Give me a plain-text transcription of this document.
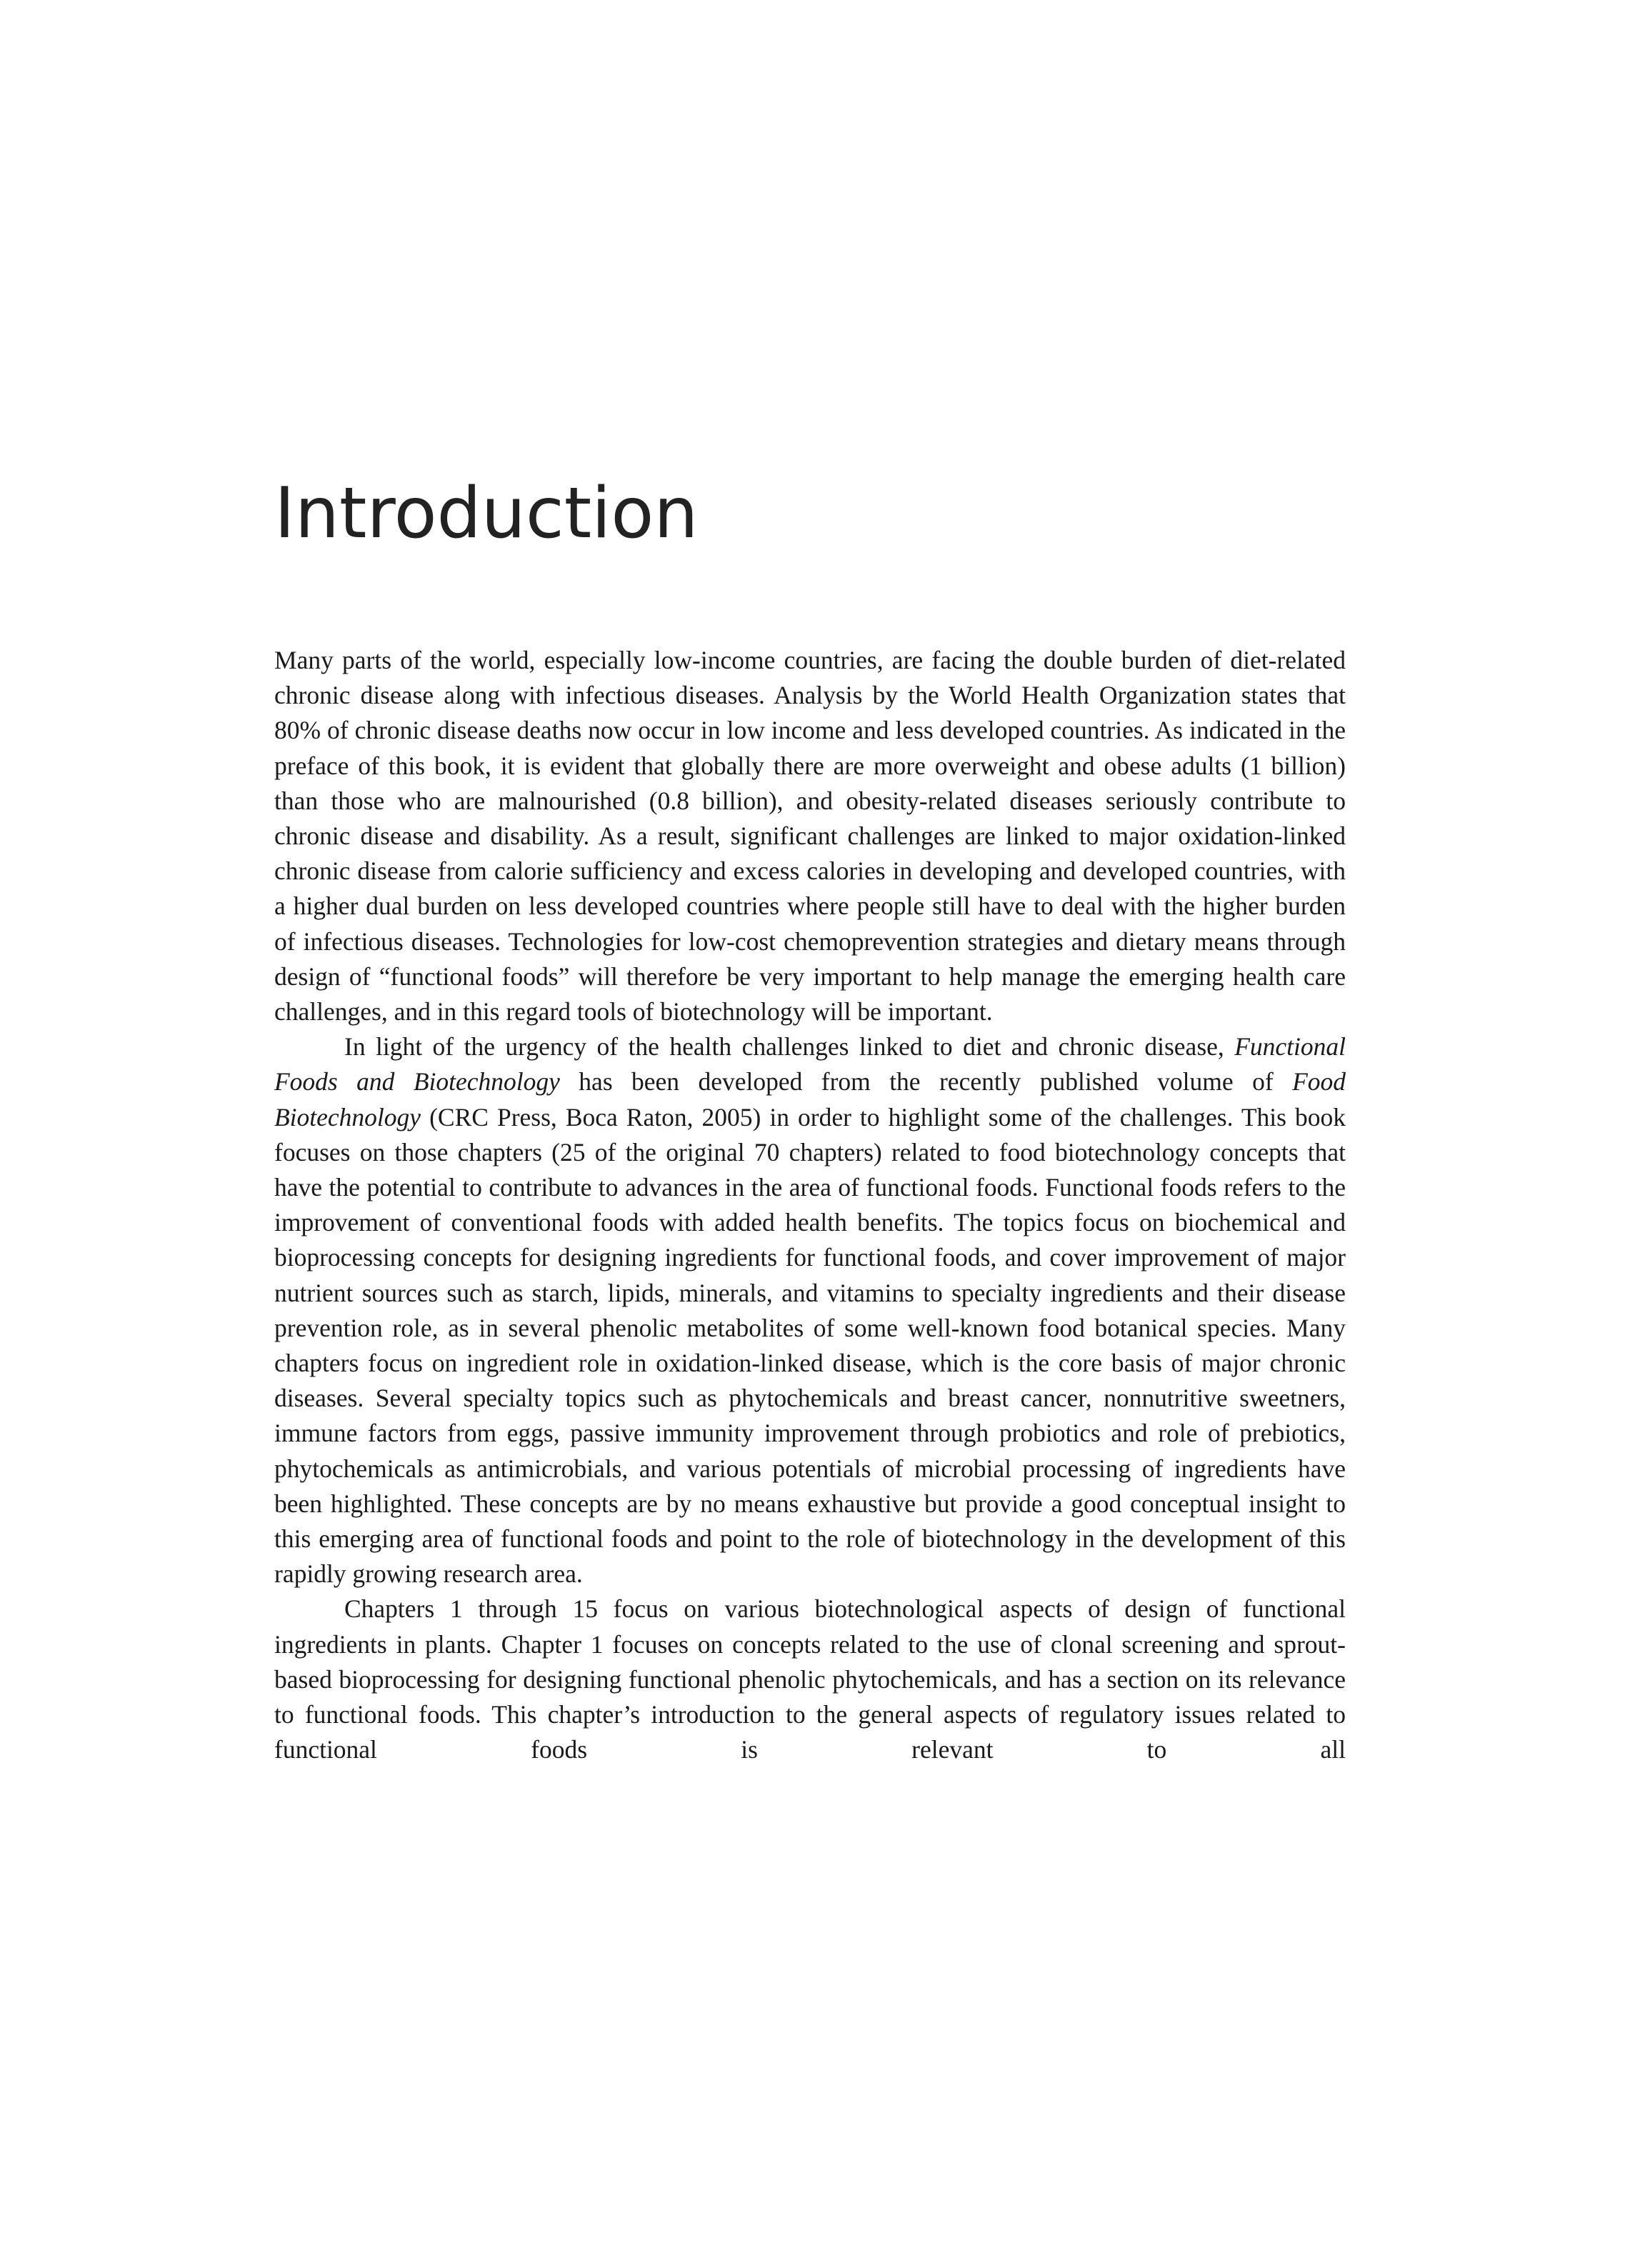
Introduction

Many parts of the world, especially low-income countries, are facing the double burden of diet-related chronic disease along with infectious diseases. Analysis by the World Health Organization states that 80% of chronic disease deaths now occur in low income and less developed countries. As indicated in the preface of this book, it is evident that globally there are more overweight and obese adults (1 billion) than those who are malnourished (0.8 billion), and obesity-related diseases seriously contribute to chronic disease and disability. As a result, significant challenges are linked to major oxidation-linked chronic disease from calorie sufficiency and excess calories in developing and developed countries, with a higher dual burden on less developed countries where people still have to deal with the higher burden of infectious diseases. Technologies for low-cost chemoprevention strategies and dietary means through design of “functional foods” will therefore be very important to help manage the emerging health care challenges, and in this regard tools of biotechnology will be important.

In light of the urgency of the health challenges linked to diet and chronic disease, Functional Foods and Biotechnology has been developed from the recently published volume of Food Biotechnology (CRC Press, Boca Raton, 2005) in order to highlight some of the challenges. This book focuses on those chapters (25 of the original 70 chapters) related to food biotechnology concepts that have the potential to contribute to advances in the area of functional foods. Functional foods refers to the improvement of conventional foods with added health benefits. The topics focus on biochemical and bioprocessing concepts for designing ingredients for functional foods, and cover improvement of major nutrient sources such as starch, lipids, minerals, and vitamins to specialty ingredients and their disease prevention role, as in several phenolic metabolites of some well-known food botanical species. Many chapters focus on ingredient role in oxidation-linked disease, which is the core basis of major chronic diseases. Several specialty topics such as phytochemicals and breast cancer, nonnutritive sweetners, immune factors from eggs, passive immunity improvement through probiotics and role of prebiotics, phytochemicals as antimicrobials, and various potentials of microbial processing of ingredients have been highlighted. These concepts are by no means exhaustive but provide a good conceptual insight to this emerging area of functional foods and point to the role of biotechnology in the development of this rapidly growing research area.

Chapters 1 through 15 focus on various biotechnological aspects of design of functional ingredients in plants. Chapter 1 focuses on concepts related to the use of clonal screening and sprout-based bioprocessing for designing functional phenolic phytochemicals, and has a section on its relevance to functional foods. This chapter’s introduction to the general aspects of regulatory issues related to functional foods is relevant to all
